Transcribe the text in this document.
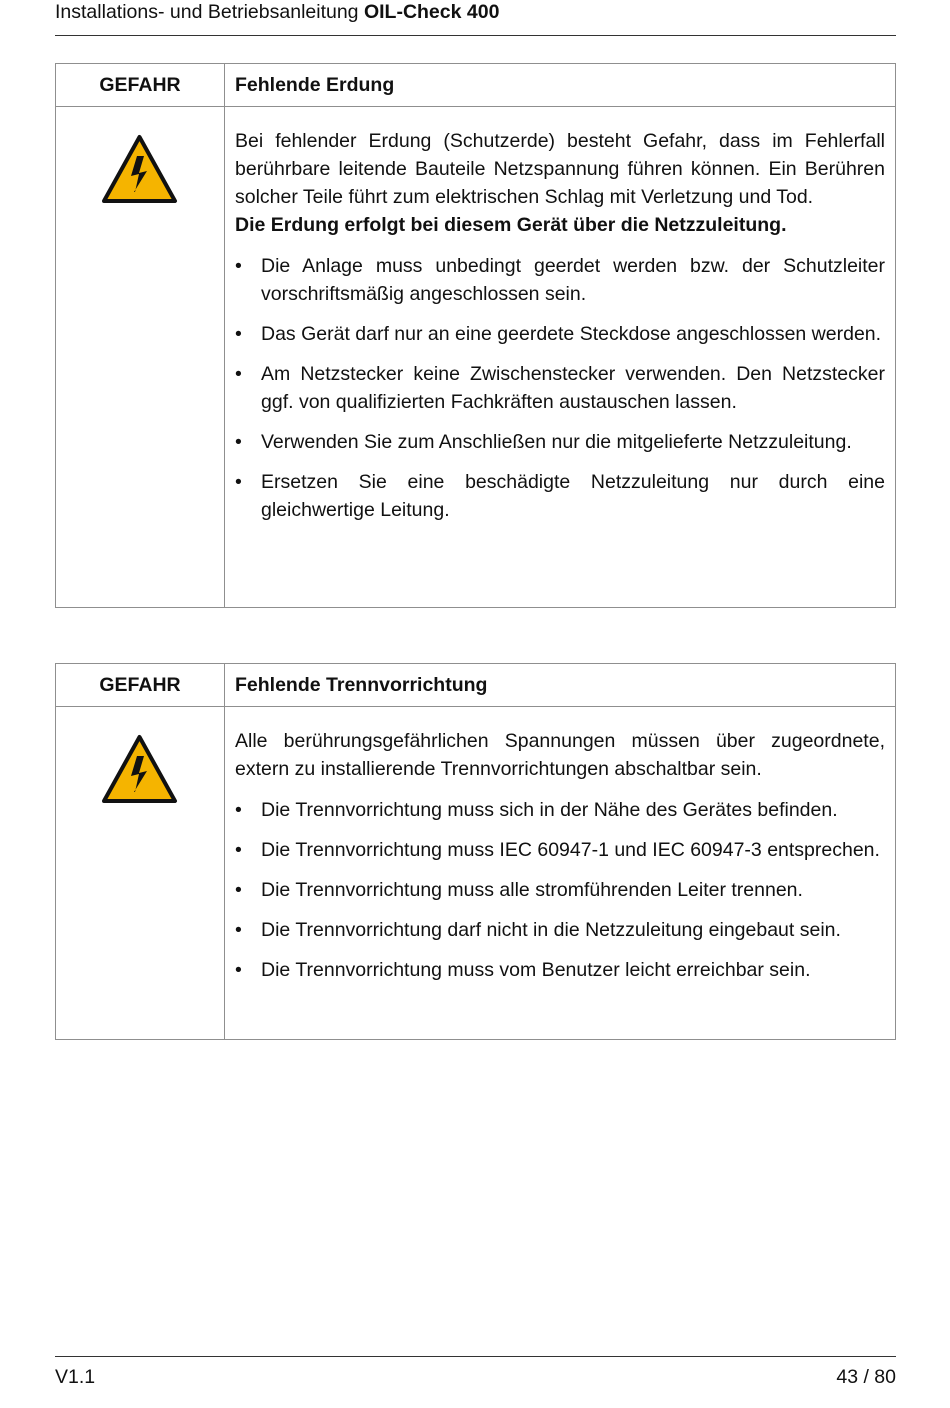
Installations- und Betriebsanleitung OIL-Check 400
GEFAHR	Fehlende Erdung

Bei fehlender Erdung (Schutzerde) besteht Gefahr, dass im Fehlerfall berührbare leitende Bauteile Netzspannung führen können. Ein Berühren solcher Teile führt zum elektrischen Schlag mit Verletzung und Tod.

Die Erdung erfolgt bei diesem Gerät über die Netzzuleitung.

• Die Anlage muss unbedingt geerdet werden bzw. der Schutzleiter vorschriftsmäßig angeschlossen sein.
• Das Gerät darf nur an eine geerdete Steckdose angeschlossen werden.
• Am Netzstecker keine Zwischenstecker verwenden. Den Netzstecker ggf. von qualifizierten Fachkräften austauschen lassen.
• Verwenden Sie zum Anschließen nur die mitgelieferte Netzzuleitung.
• Ersetzen Sie eine beschädigte Netzzuleitung nur durch eine gleichwertige Leitung.
GEFAHR	Fehlende Trennvorrichtung

Alle berührungsgefährlichen Spannungen müssen über zugeordnete, extern zu installierende Trennvorrichtungen abschaltbar sein.

• Die Trennvorrichtung muss sich in der Nähe des Gerätes befinden.
• Die Trennvorrichtung muss IEC 60947-1 und IEC 60947-3 entsprechen.
• Die Trennvorrichtung muss alle stromführenden Leiter trennen.
• Die Trennvorrichtung darf nicht in die Netzzuleitung eingebaut sein.
• Die Trennvorrichtung muss vom Benutzer leicht erreichbar sein.
V1.1	43 / 80
